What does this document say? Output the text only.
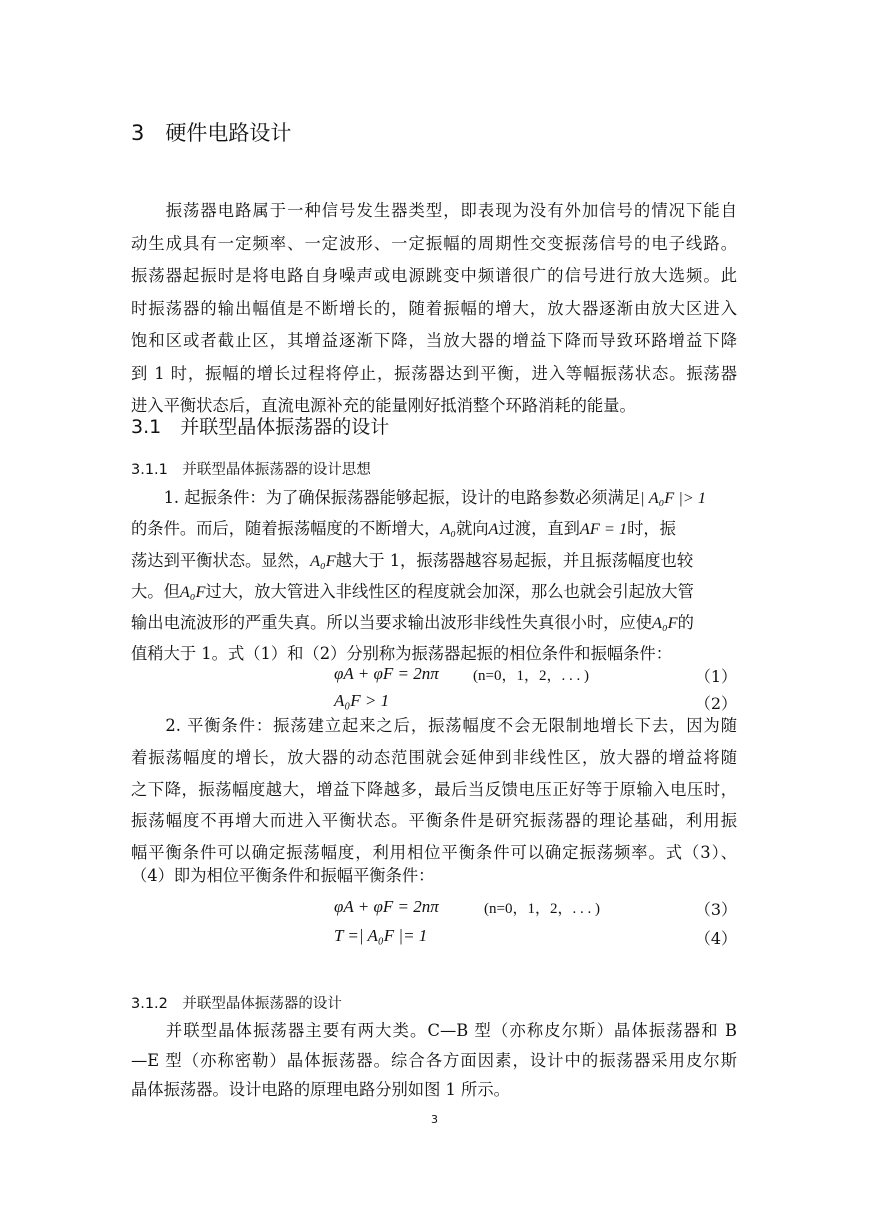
3　硬件电路设计
　　振荡器电路属于一种信号发生器类型，即表现为没有外加信号的情况下能自
动生成具有一定频率、一定波形、一定振幅的周期性交变振荡信号的电子线路。
振荡器起振时是将电路自身噪声或电源跳变中频谱很广的信号进行放大选频。此
时振荡器的输出幅值是不断增长的，随着振幅的增大，放大器逐渐由放大区进入
饱和区或者截止区，其增益逐渐下降，当放大器的增益下降而导致环路增益下降
到 1 时，振幅的增长过程将停止，振荡器达到平衡，进入等幅振荡状态。振荡器
进入平衡状态后，直流电源补充的能量刚好抵消整个环路消耗的能量。
3.1　并联型晶体振荡器的设计
3.1.1　并联型晶体振荡器的设计思想
　　1. 起振条件：为了确保振荡器能够起振，设计的电路参数必须满足| A₀F |> 1
的条件。而后，随着振荡幅度的不断增大，A₀就向A过渡，直到AF = 1时，振
荡达到平衡状态。显然，A₀F越大于 1，振荡器越容易起振，并且振荡幅度也较
大。但A₀F过大，放大管进入非线性区的程度就会加深，那么也就会引起放大管
输出电流波形的严重失真。所以当要求输出波形非线性失真很小时，应使A₀F的
值稍大于 1。式（1）和（2）分别称为振荡器起振的相位条件和振幅条件：
φA + φF = 2nπ (n=0，1，2，. . . )	（1）
A₀F > 1	（2）
　　2. 平衡条件：振荡建立起来之后，振荡幅度不会无限制地增长下去，因为随
着振荡幅度的增长，放大器的动态范围就会延伸到非线性区，放大器的增益将随
之下降，振荡幅度越大，增益下降越多，最后当反馈电压正好等于原输入电压时，
振荡幅度不再增大而进入平衡状态。平衡条件是研究振荡器的理论基础，利用振
幅平衡条件可以确定振荡幅度，利用相位平衡条件可以确定振荡频率。式（3）、
（4）即为相位平衡条件和振幅平衡条件：
φA + φF = 2nπ	(n=0，1，2，. . . )	（3）
T =| A₀F |= 1	（4）
3.1.2　并联型晶体振荡器的设计
　　并联型晶体振荡器主要有两大类。C—B 型（亦称皮尔斯）晶体振荡器和 B
—E 型（亦称密勒）晶体振荡器。综合各方面因素，设计中的振荡器采用皮尔斯
晶体振荡器。设计电路的原理电路分别如图 1 所示。
3
